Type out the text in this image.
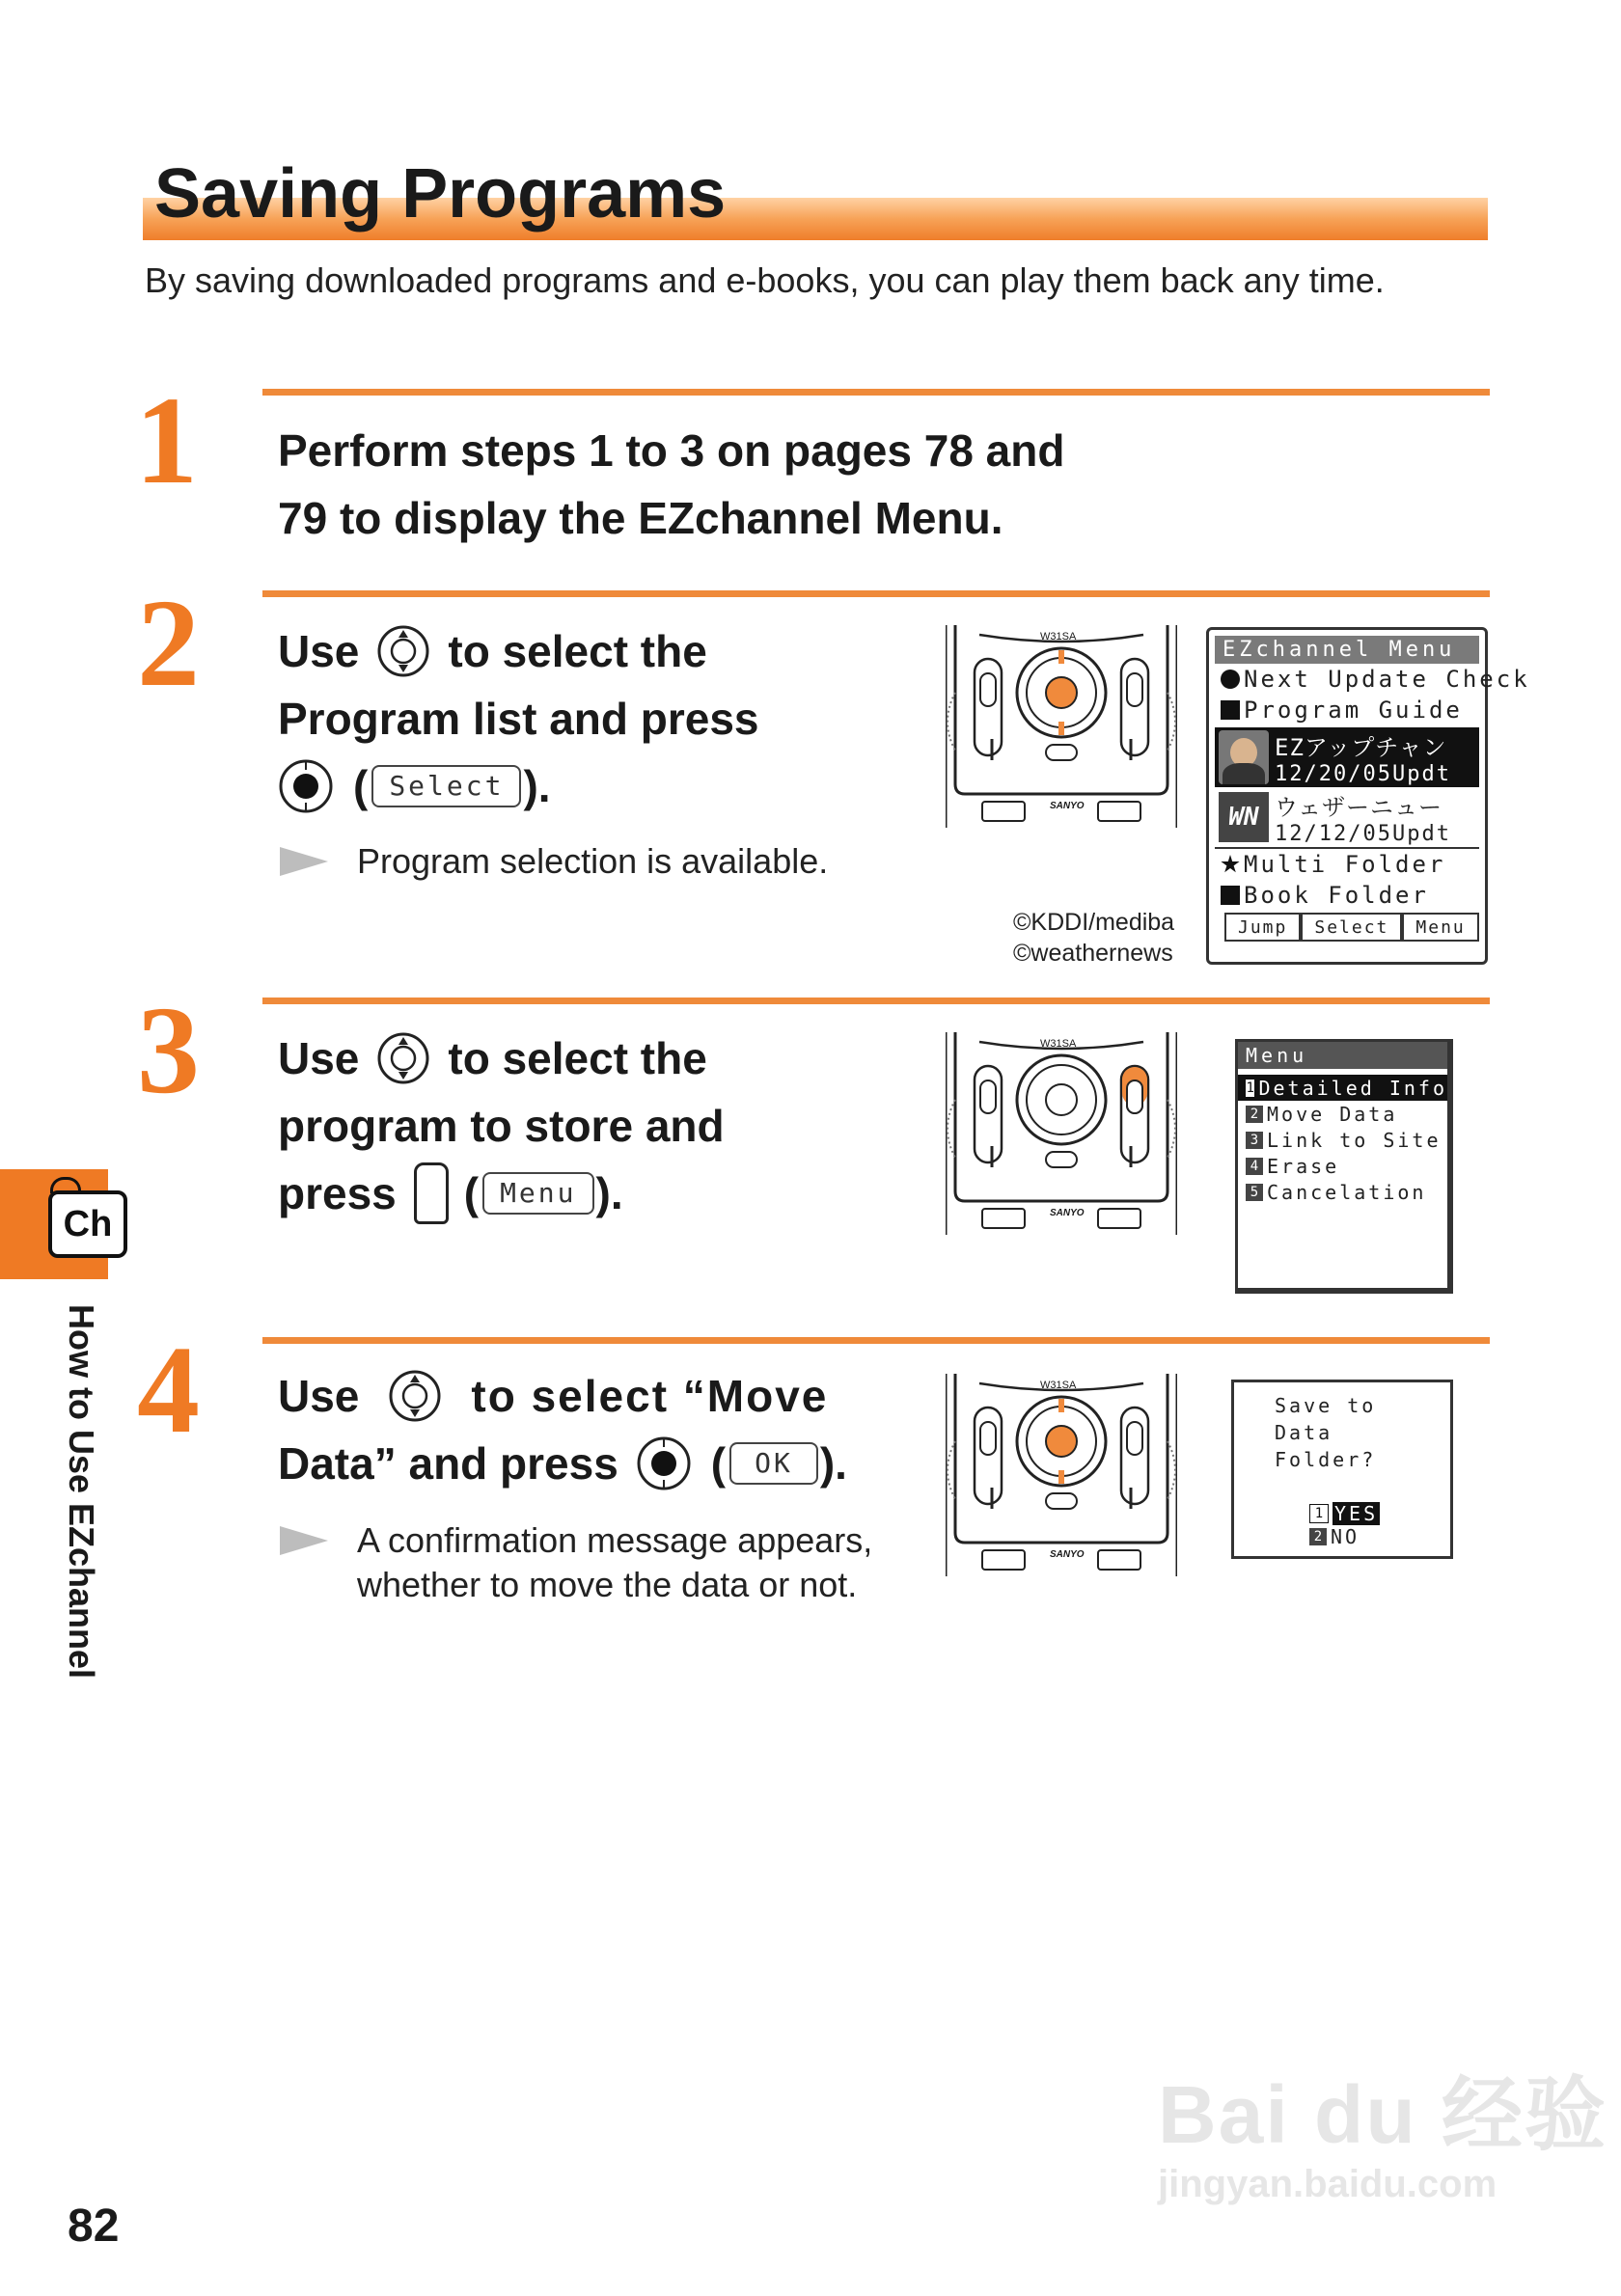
Saving Programs
By saving downloaded programs and e-books, you can play them back any time.
1 Perform steps 1 to 3 on pages 78 and
79 to display the EZchannel Menu.
2 Use to select the
Program list and press
( Select ).
Program selection is available.
W31SA
SANYO
EZchannel Menu
Next Update Check
Program Guide
EZアップチャン
12/20/05Updt
WN ウェザーニュー
12/12/05Updt
Multi Folder
Book Folder
Jump	Select	Menu
©KDDI/mediba
©weathernews
3 Use to select the
program to store and
press ( Menu ).
W31SA
SANYO
Menu
1 Detailed Info
2 Move Data
3 Link to Site
4 Erase
5 Cancelation
Ch
How to Use EZchannel 4 Use	to select “Move
Data” and press (	OK ).
A confirmation message appears,
whether to move the data or not.
W31SA
SANYO
Save to
Data Folder?
1 YES
2 NO
82
Bai du 经验
jingyan.baidu.com
